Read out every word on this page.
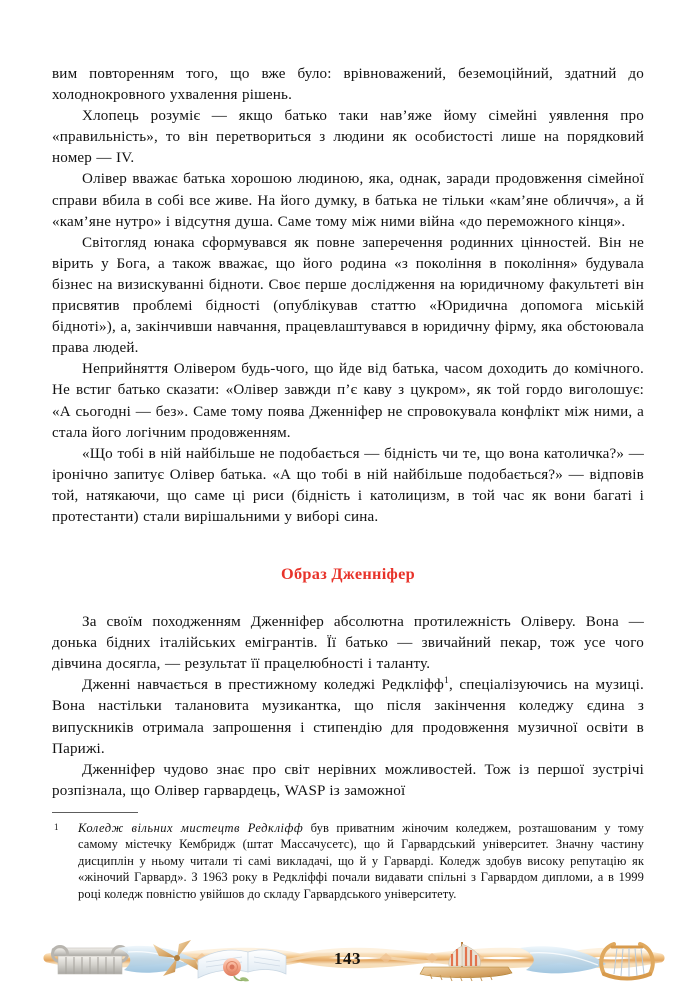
вим повторенням того, що вже було: врівноважений, беземоційний, здатний до холоднокровного ухвалення рішень.

Хлопець розуміє — якщо батько таки нав’яже йому сімейні уявлення про «правильність», то він перетвориться з людини як особистості лише на порядковий номер — IV.

Олівер вважає батька хорошою людиною, яка, однак, заради продовження сімейної справи вбила в собі все живе. На його думку, в батька не тільки «кам’яне обличчя», а й «кам’яне нутро» і відсутня душа. Саме тому між ними війна «до переможного кінця».

Світогляд юнака сформувався як повне заперечення родинних цінностей. Він не вірить у Бога, а також вважає, що його родина «з покоління в покоління» будувала бізнес на визискуванні бідноти. Своє перше дослідження на юридичному факультеті він присвятив проблемі бідності (опублікував статтю «Юридична допомога міській бідноті»), а, закінчивши навчання, працевлаштувався в юридичну фірму, яка обстоювала права людей.

Неприйняття Олівером будь-чого, що йде від батька, часом доходить до комічного. Не встиг батько сказати: «Олівер завжди п’є каву з цукром», як той гордо виголошує: «А сьогодні — без». Саме тому поява Дженніфер не спровокувала конфлікт між ними, а стала його логічним продовженням.

«Що тобі в ній найбільше не подобається — бідність чи те, що вона католичка?» — іронічно запитує Олівер батька. «А що тобі в ній найбільше подобається?» — відповів той, натякаючи, що саме ці риси (бідність і католицизм, в той час як вони багаті і протестанти) стали вирішальними у виборі сина.

Образ Дженніфер

За своїм походженням Дженніфер абсолютна протилежність Оліверу. Вона — донька бідних італійських емігрантів. Її батько — звичайний пекар, тож усе чого дівчина досягла, — результат її працелюбності і таланту.

Дженні навчається в престижному коледжі Редкліфф$^1$, спеціалізуючись на музиці. Вона настільки талановита музикантка, що після закінчення коледжу єдина з випускників отримала запрошення і стипендію для продовження музичної освіти в Парижі.

Дженніфер чудово знає про світ нерівних можливостей. Тож із першої зустрічі розпізнала, що Олівер гарвардець, WASP із заможної

1 Коледж вільних мистецтв Редкліфф був приватним жіночим коледжем, розташованим у тому самому містечку Кембридж (штат Массачусетс), що й Гарвардський університет. Значну частину дисциплін у ньому читали ті самі викладачі, що й у Гарварді. Коледж здобув високу репутацію як «жіночий Гарвард». З 1963 року в Редкліффі почали видавати спільні з Гарвардом дипломи, а в 1999 році коледж повністю увійшов до складу Гарвардського університету.
143
